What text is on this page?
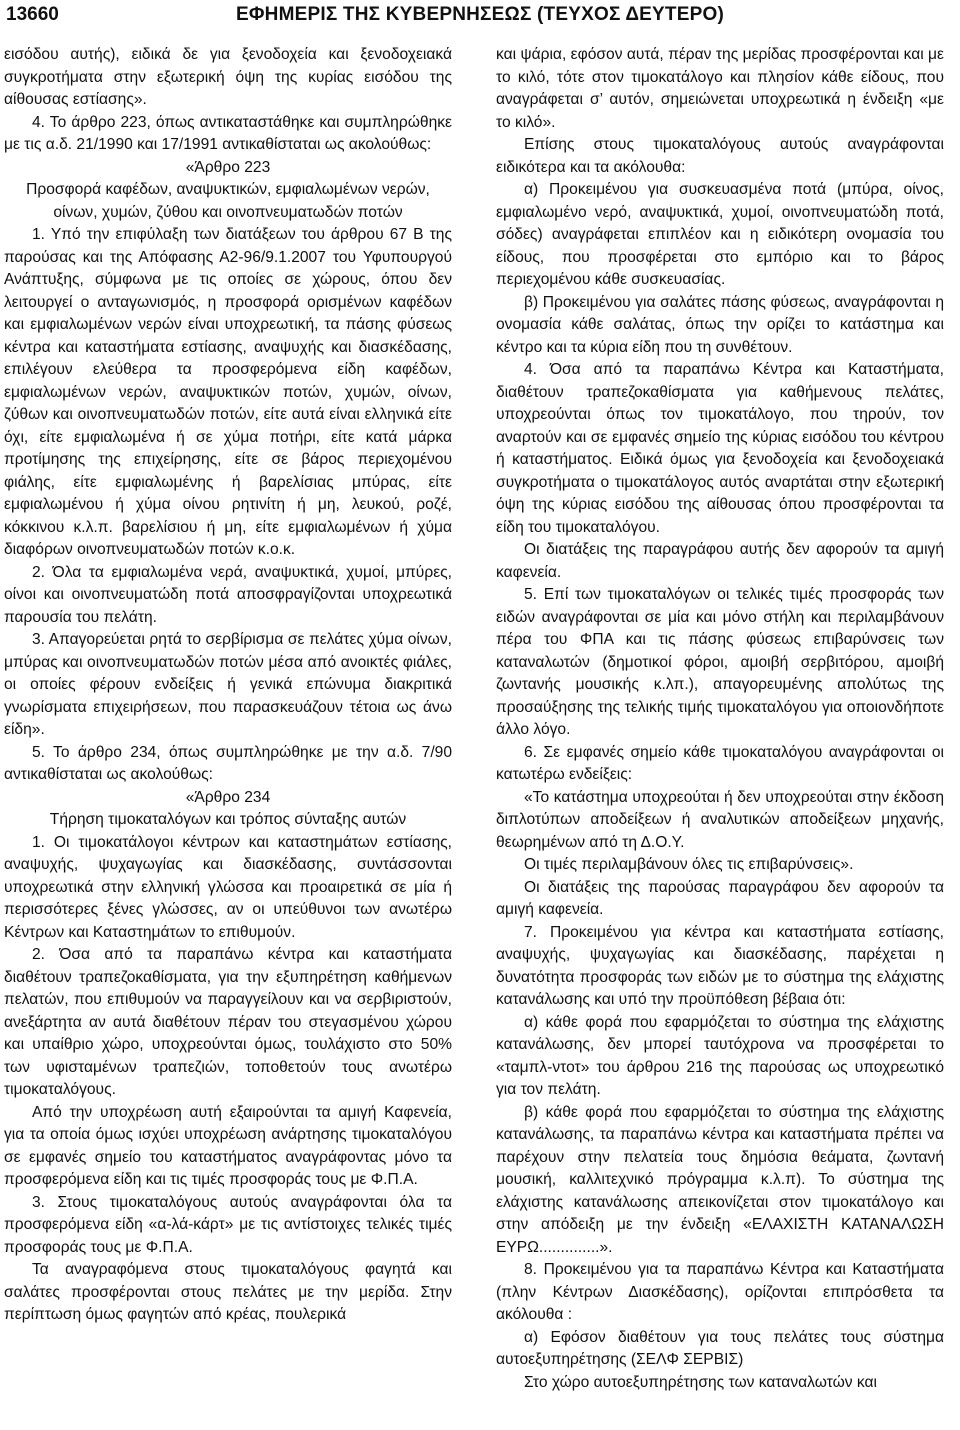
13660	ΕΦΗΜΕΡΙΣ ΤΗΣ ΚΥΒΕΡΝΗΣΕΩΣ (ΤΕΥΧΟΣ ΔΕΥΤΕΡΟ)

εισόδου αυτής), ειδικά δε για ξενοδοχεία και ξενοδοχειακά συγκροτήματα στην εξωτερική όψη της κυρίας εισόδου της αίθουσας εστίασης».

4. Το άρθρο 223, όπως αντικαταστάθηκε και συμπληρώθηκε με τις α.δ. 21/1990 και 17/1991 αντικαθίσταται ως ακολούθως:

«Άρθρο 223

Προσφορά καφέδων, αναψυκτικών, εμφιαλωμένων νερών, οίνων, χυμών, ζύθου και οινοπνευματωδών ποτών

1. Υπό την επιφύλαξη των διατάξεων του άρθρου 67 Β της παρούσας και της Απόφασης Α2-96/9.1.2007 του Υφυπουργού Ανάπτυξης, σύμφωνα με τις οποίες σε χώρους, όπου δεν λειτουργεί ο ανταγωνισμός, η προσφορά ορισμένων καφέδων και εμφιαλωμένων νερών είναι υποχρεωτική, τα πάσης φύσεως κέντρα και καταστήματα εστίασης, αναψυχής και διασκέδασης, επιλέγουν ελεύθερα τα προσφερόμενα είδη καφέδων, εμφιαλωμένων νερών, αναψυκτικών ποτών, χυμών, οίνων, ζύθων και οινοπνευματωδών ποτών, είτε αυτά είναι ελληνικά είτε όχι, είτε εμφιαλωμένα ή σε χύμα ποτήρι, είτε κατά μάρκα προτίμησης της επιχείρησης, είτε σε βάρος περιεχομένου φιάλης, είτε εμφιαλωμένης ή βαρελίσιας μπύρας, είτε εμφιαλωμένου ή χύμα οίνου ρητινίτη ή μη, λευκού, ροζέ, κόκκινου κ.λ.π. βαρελίσιου ή μη, είτε εμφιαλωμένων ή χύμα διαφόρων οινοπνευματωδών ποτών κ.ο.κ.

2. Όλα τα εμφιαλωμένα νερά, αναψυκτικά, χυμοί, μπύρες, οίνοι και οινοπνευματώδη ποτά αποσφραγίζονται υποχρεωτικά παρουσία του πελάτη.

3. Απαγορεύεται ρητά το σερβίρισμα σε πελάτες χύμα οίνων, μπύρας και οινοπνευματωδών ποτών μέσα από ανοικτές φιάλες, οι οποίες φέρουν ενδείξεις ή γενικά επώνυμα διακριτικά γνωρίσματα επιχειρήσεων, που παρασκευάζουν τέτοια ως άνω είδη».

5. Το άρθρο 234, όπως συμπληρώθηκε με την α.δ. 7/90 αντικαθίσταται ως ακολούθως:

«Άρθρο 234

Τήρηση τιμοκαταλόγων και τρόπος σύνταξης αυτών

1. Οι τιμοκατάλογοι κέντρων και καταστημάτων εστίασης, αναψυχής, ψυχαγωγίας και διασκέδασης, συντάσσονται υποχρεωτικά στην ελληνική γλώσσα και προαιρετικά σε μία ή περισσότερες ξένες γλώσσες, αν οι υπεύθυνοι των ανωτέρω Κέντρων και Καταστημάτων το επιθυμούν.

2. Όσα από τα παραπάνω κέντρα και καταστήματα διαθέτουν τραπεζοκαθίσματα, για την εξυπηρέτηση καθήμενων πελατών, που επιθυμούν να παραγγείλουν και να σερβιριστούν, ανεξάρτητα αν αυτά διαθέτουν πέραν του στεγασμένου χώρου και υπαίθριο χώρο, υποχρεούνται όμως, τουλάχιστο στο 50% των υφισταμένων τραπεζιών, τοποθετούν τους ανωτέρω τιμοκαταλόγους.

Από την υποχρέωση αυτή εξαιρούνται τα αμιγή Καφενεία, για τα οποία όμως ισχύει υποχρέωση ανάρτησης τιμοκαταλόγου σε εμφανές σημείο του καταστήματος αναγράφοντας μόνο τα προσφερόμενα είδη και τις τιμές προσφοράς τους με Φ.Π.Α.

3. Στους τιμοκαταλόγους αυτούς αναγράφονται όλα τα προσφερόμενα είδη «α-λά-κάρτ» με τις αντίστοιχες τελικές τιμές προσφοράς τους με Φ.Π.Α.

Τα αναγραφόμενα στους τιμοκαταλόγους φαγητά και σαλάτες προσφέρονται στους πελάτες με την μερίδα. Στην περίπτωση όμως φαγητών από κρέας, πουλερικά

και ψάρια, εφόσον αυτά, πέραν της μερίδας προσφέρονται και με το κιλό, τότε στον τιμοκατάλογο και πλησίον κάθε είδους, που αναγράφεται σ’ αυτόν, σημειώνεται υποχρεωτικά η ένδειξη «με το κιλό».

Επίσης στους τιμοκαταλόγους αυτούς αναγράφονται ειδικότερα και τα ακόλουθα:

α) Προκειμένου για συσκευασμένα ποτά (μπύρα, οίνος, εμφιαλωμένο νερό, αναψυκτικά, χυμοί, οινοπνευματώδη ποτά, σόδες) αναγράφεται επιπλέον και η ειδικότερη ονομασία του είδους, που προσφέρεται στο εμπόριο και το βάρος περιεχομένου κάθε συσκευασίας.

β) Προκειμένου για σαλάτες πάσης φύσεως, αναγράφονται η ονομασία κάθε σαλάτας, όπως την ορίζει το κατάστημα και κέντρο και τα κύρια είδη που τη συνθέτουν.

4. Όσα από τα παραπάνω Κέντρα και Καταστήματα, διαθέτουν τραπεζοκαθίσματα για καθήμενους πελάτες, υποχρεούνται όπως τον τιμοκατάλογο, που τηρούν, τον αναρτούν και σε εμφανές σημείο της κύριας εισόδου του κέντρου ή καταστήματος. Ειδικά όμως για ξενοδοχεία και ξενοδοχειακά συγκροτήματα ο τιμοκατάλογος αυτός αναρτάται στην εξωτερική όψη της κύριας εισόδου της αίθουσας όπου προσφέρονται τα είδη του τιμοκαταλόγου.

Οι διατάξεις της παραγράφου αυτής δεν αφορούν τα αμιγή καφενεία.

5. Επί των τιμοκαταλόγων οι τελικές τιμές προσφοράς των ειδών αναγράφονται σε μία και μόνο στήλη και περιλαμβάνουν πέρα του ΦΠΑ και τις πάσης φύσεως επιβαρύνσεις των καταναλωτών (δημοτικοί φόροι, αμοιβή σερβιτόρου, αμοιβή ζωντανής μουσικής κ.λπ.), απαγορευμένης απολύτως της προσαύξησης της τελικής τιμής τιμοκαταλόγου για οποιονδήποτε άλλο λόγο.

6. Σε εμφανές σημείο κάθε τιμοκαταλόγου αναγράφονται οι κατωτέρω ενδείξεις:

«Το κατάστημα υποχρεούται ή δεν υποχρεούται στην έκδοση διπλοτύπων αποδείξεων ή αναλυτικών αποδείξεων μηχανής, θεωρημένων από τη Δ.Ο.Υ.

Οι τιμές περιλαμβάνουν όλες τις επιβαρύνσεις».

Οι διατάξεις της παρούσας παραγράφου δεν αφορούν τα αμιγή καφενεία.

7. Προκειμένου για κέντρα και καταστήματα εστίασης, αναψυχής, ψυχαγωγίας και διασκέδασης, παρέχεται η δυνατότητα προσφοράς των ειδών με το σύστημα της ελάχιστης κατανάλωσης και υπό την προϋπόθεση βέβαια ότι:

α) κάθε φορά που εφαρμόζεται το σύστημα της ελάχιστης κατανάλωσης, δεν μπορεί ταυτόχρονα να προσφέρεται το «ταμπλ-ντοτ» του άρθρου 216 της παρούσας ως υποχρεωτικό για τον πελάτη.

β) κάθε φορά που εφαρμόζεται το σύστημα της ελάχιστης κατανάλωσης, τα παραπάνω κέντρα και καταστήματα πρέπει να παρέχουν στην πελατεία τους δημόσια θεάματα, ζωντανή μουσική, καλλιτεχνικό πρόγραμμα κ.λ.π). Το σύστημα της ελάχιστης κατανάλωσης απεικονίζεται στον τιμοκατάλογο και στην απόδειξη με την ένδειξη «ΕΛΑΧΙΣΤΗ ΚΑΤΑΝΑΛΩΣΗ ΕΥΡΩ..............».

8. Προκειμένου για τα παραπάνω Κέντρα και Καταστήματα (πλην Κέντρων Διασκέδασης), ορίζονται επιπρόσθετα τα ακόλουθα :

α) Εφόσον διαθέτουν για τους πελάτες τους σύστημα αυτοεξυπηρέτησης (ΣΕΛΦ ΣΕΡΒΙΣ)

Στο χώρο αυτοεξυπηρέτησης των καταναλωτών και
